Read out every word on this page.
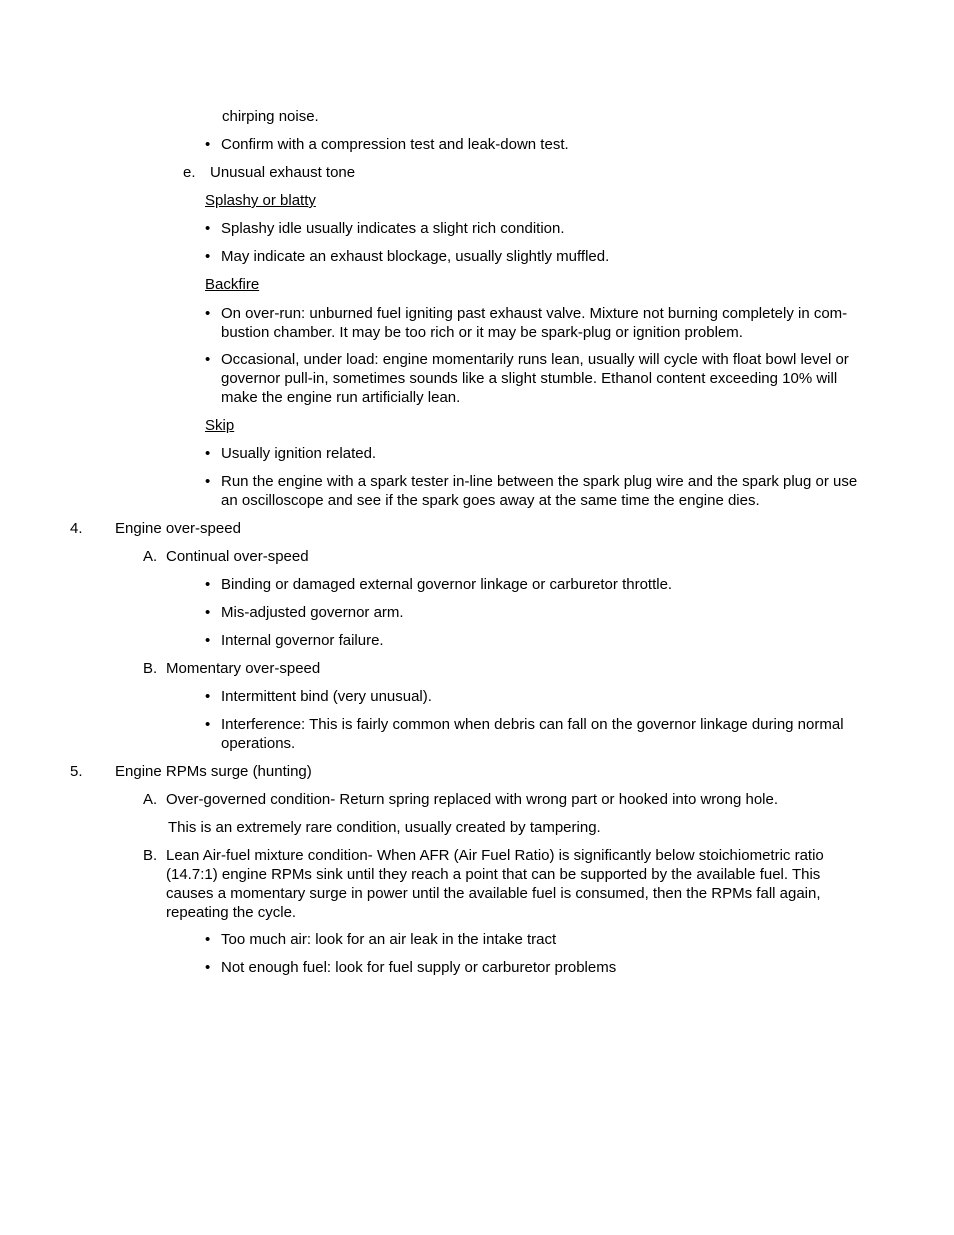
chirping noise.

• Confirm with a compression test and leak-down test.
e. Unusual exhaust tone
Splashy or blatty
• Splashy idle usually indicates a slight rich condition.
• May indicate an exhaust blockage, usually slightly muffled.
Backfire
• On over-run: unburned fuel igniting past exhaust valve. Mixture not burning completely in com-bustion chamber. It may be too rich or it may be spark-plug or ignition problem.
• Occasional, under load: engine momentarily runs lean, usually will cycle with float bowl level or governor pull-in, sometimes sounds like a slight stumble. Ethanol content exceeding 10% will make the engine run artificially lean.
Skip
• Usually ignition related.
• Run the engine with a spark tester in-line between the spark plug wire and the spark plug or use an oscilloscope and see if the spark goes away at the same time the engine dies.
4. Engine over-speed
A. Continual over-speed
• Binding or damaged external governor linkage or carburetor throttle.
• Mis-adjusted governor arm.
• Internal governor failure.
B. Momentary over-speed
• Intermittent bind (very unusual).
• Interference: This is fairly common when debris can fall on the governor linkage during normal operations.
5. Engine RPMs surge (hunting)
A. Over-governed condition- Return spring replaced with wrong part or hooked into wrong hole.
This is an extremely rare condition, usually created by tampering.
B. Lean Air-fuel mixture condition- When AFR (Air Fuel Ratio) is significantly below stoichiometric ratio (14.7:1) engine RPMs sink until they reach a point that can be supported by the available fuel. This causes a momentary surge in power until the available fuel is consumed, then the RPMs fall again, repeating the cycle.
• Too much air: look for an air leak in the intake tract
• Not enough fuel: look for fuel supply or carburetor problems
